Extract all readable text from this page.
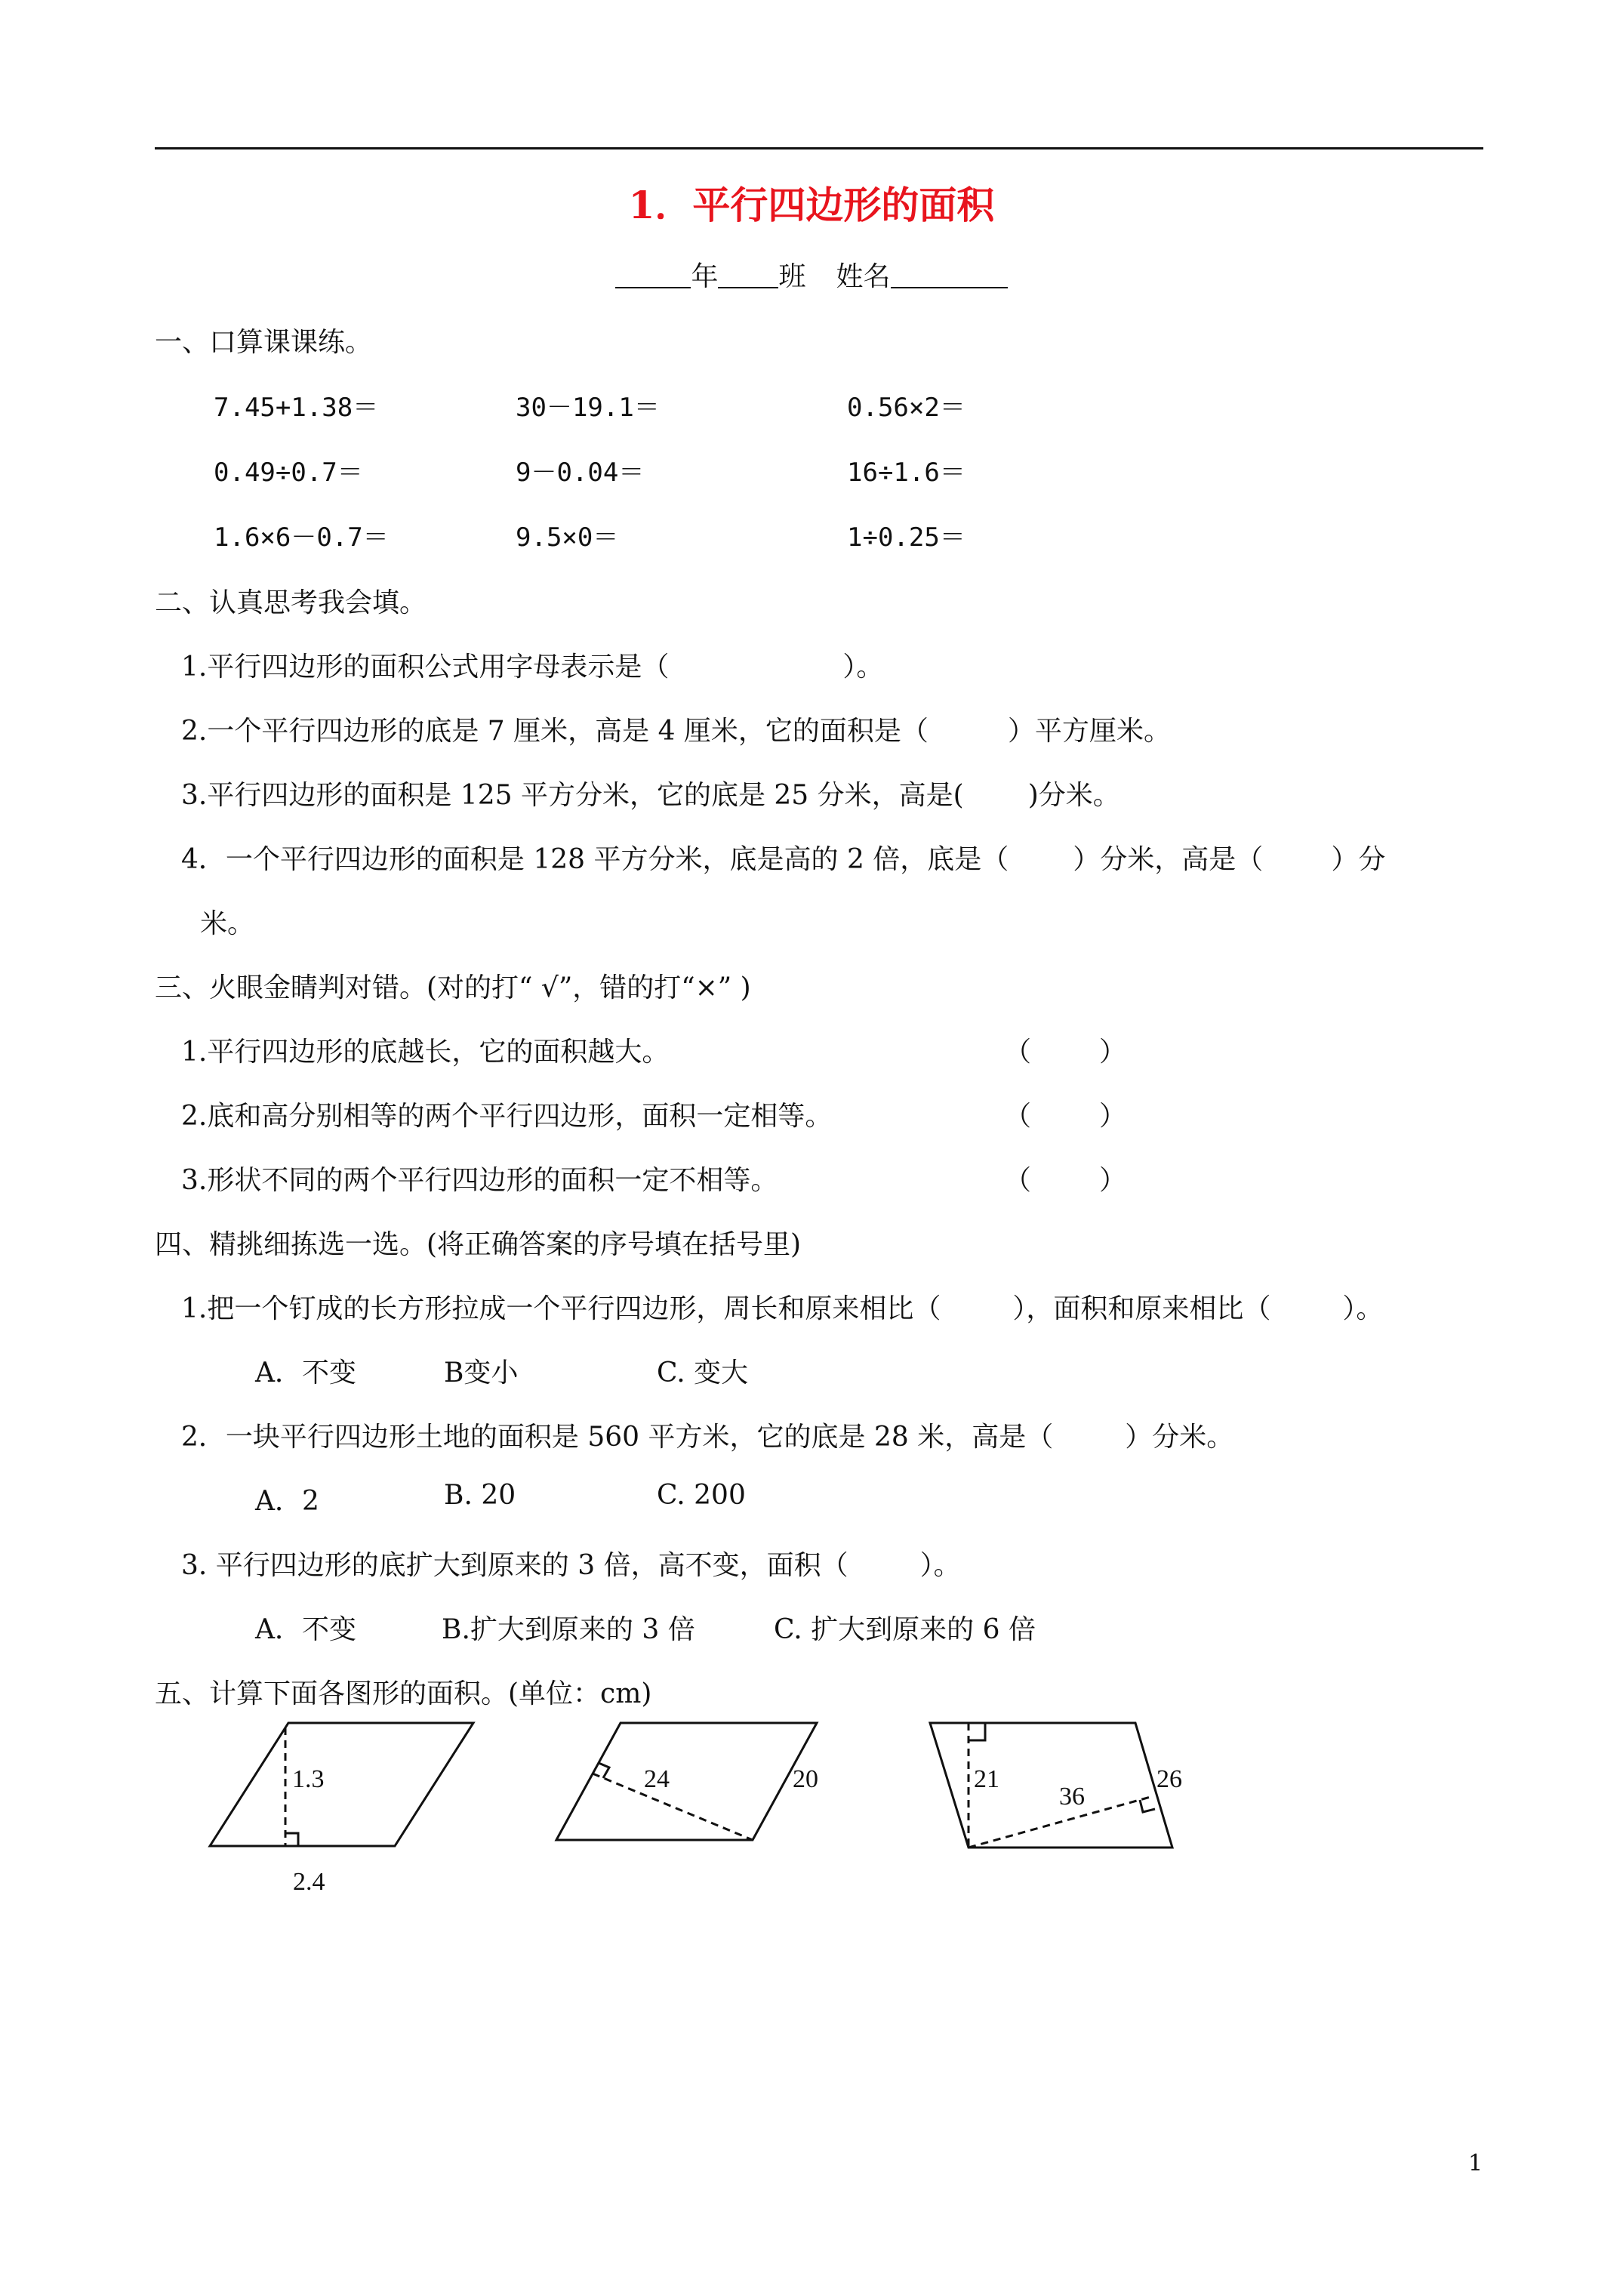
1．平行四边形的面积
年 班 姓名
一、口算课课练。
7.45+1.38＝	30－19.1＝	0.56×2＝
0.49÷0.7＝	9－0.04＝	16÷1.6＝
1.6×6－0.7＝	9.5×0＝	1÷0.25＝
二、认真思考我会填。
1.平行四边形的面积公式用字母表示是（	）。
2.一个平行四边形的底是 7 厘米，高是 4 厘米，它的面积是（	）平方厘米。
3.平行四边形的面积是 125 平方分米，它的底是 25 分米，高是( )分米。
4．一个平行四边形的面积是 128 平方分米，底是高的 2 倍，底是（ ）分米，高是（	）分
米。
三、火眼金睛判对错。(对的打“ √”，错的打“×” )
1.平行四边形的底越长，它的面积越大。	（	）
2.底和高分别相等的两个平行四边形，面积一定相等。	（	）
3.形状不同的两个平行四边形的面积一定不相等。	（	）
四、精挑细拣选一选。(将正确答案的序号填在括号里)
1.把一个钉成的长方形拉成一个平行四边形，周长和原来相比（	），面积和原来相比（	）。
A．不变	B变小	C. 变大
2．一块平行四边形土地的面积是 560 平方米，它的底是 28 米，高是（	）分米。
A．2	B. 20	C. 200
3. 平行四边形的底扩大到原来的 3 倍，高不变，面积（	）。
A．不变	B.扩大到原来的 3 倍	C. 扩大到原来的 6 倍
五、计算下面各图形的面积。(单位：cm)
1.3
2.4
24	20	21
36
26
1
